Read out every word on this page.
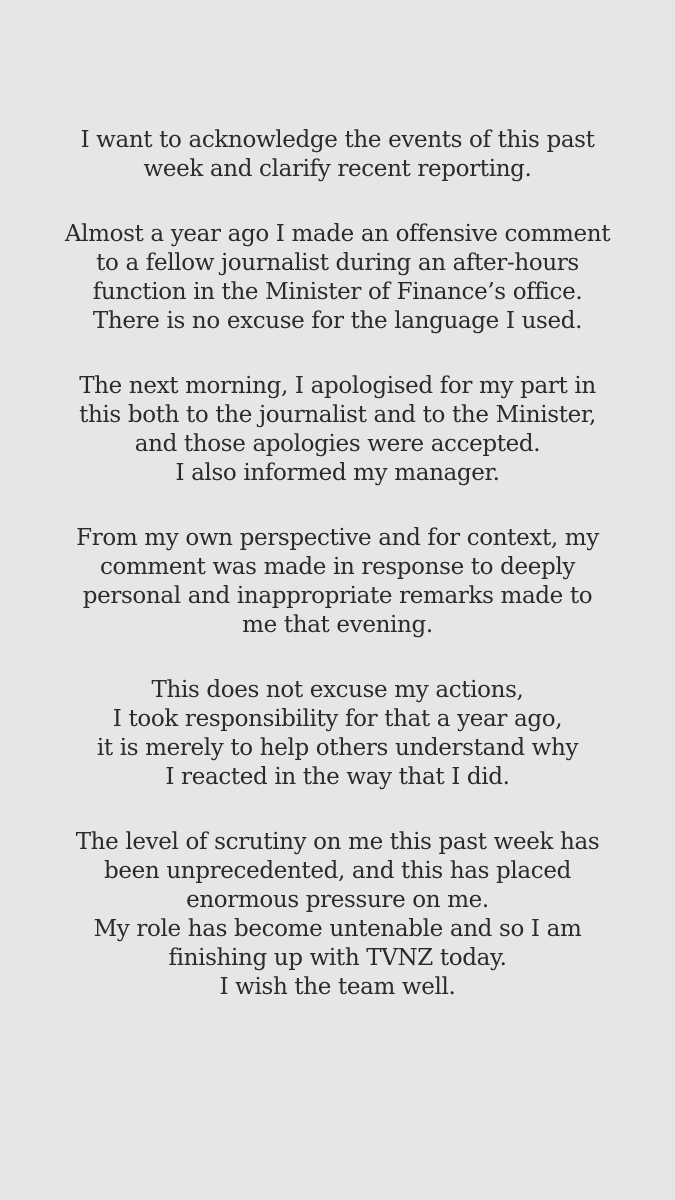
I want to acknowledge the events of this past
week and clarify recent reporting.

Almost a year ago I made an offensive comment
to a fellow journalist during an after-hours
function in the Minister of Finance’s office.
There is no excuse for the language I used.

The next morning, I apologised for my part in
this both to the journalist and to the Minister,
and those apologies were accepted.
I also informed my manager.

From my own perspective and for context, my
comment was made in response to deeply
personal and inappropriate remarks made to
me that evening.

This does not excuse my actions,
I took responsibility for that a year ago,
it is merely to help others understand why
I reacted in the way that I did.

The level of scrutiny on me this past week has
been unprecedented, and this has placed
enormous pressure on me.
My role has become untenable and so I am
finishing up with TVNZ today.
I wish the team well.
